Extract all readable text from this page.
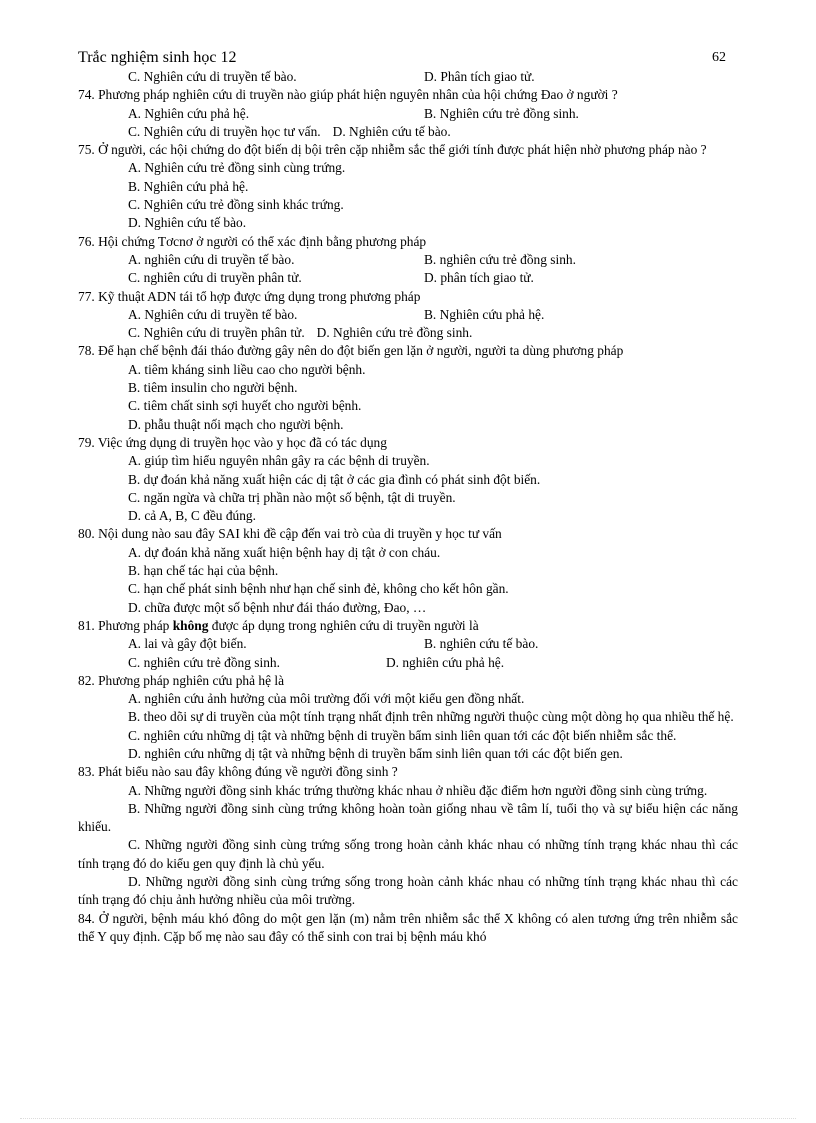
Trắc nghiệm sinh học 12	62
C. Nghiên cứu di truyền tế bào.	D. Phân tích giao tử.
74. Phương pháp nghiên cứu di truyền nào giúp phát hiện nguyên nhân của hội chứng Đao ở người ?
A. Nghiên cứu phả hệ.	B. Nghiên cứu trẻ đồng sinh.
C. Nghiên cứu di truyền học tư vấn. D. Nghiên cứu tế bào.
75. Ở người, các hội chứng do đột biến dị bội trên cặp nhiễm sắc thể giới tính được phát hiện nhờ phương pháp nào ?
A. Nghiên cứu trẻ đồng sinh cùng trứng.
B. Nghiên cứu phả hệ.
C. Nghiên cứu trẻ đồng sinh khác trứng.
D. Nghiên cứu tế bào.
76. Hội chứng Tơcnơ ở người có thể xác định bằng phương pháp
A. nghiên cứu di truyền tế bào.	B. nghiên cứu trẻ đồng sinh.
C. nghiên cứu di truyền phân tử.	D. phân tích giao tử.
77. Kỹ thuật ADN tái tổ hợp được ứng dụng trong phương pháp
A. Nghiên cứu di truyền tế bào.	B. Nghiên cứu phả hệ.
C. Nghiên cứu di truyền phân tử. D. Nghiên cứu trẻ đồng sinh.
78. Để hạn chế bệnh đái tháo đường gây nên do đột biến gen lặn ở người, người ta dùng phương pháp
A. tiêm kháng sinh liều cao cho người bệnh.
B. tiêm insulin cho người bệnh.
C. tiêm chất sinh sợi huyết cho người bệnh.
D. phẫu thuật nối mạch cho người bệnh.
79. Việc ứng dụng di truyền học vào y học đã có tác dụng
A. giúp tìm hiểu nguyên nhân gây ra các bệnh di truyền.
B. dự đoán khả năng xuất hiện các dị tật ở các gia đình có phát sinh đột biến.
C. ngăn ngừa và chữa trị phần nào một số bệnh, tật di truyền.
D. cả A, B, C đều đúng.
80. Nội dung nào sau đây SAI khi đề cập đến vai trò của di truyền y học tư vấn
A. dự đoán khả năng xuất hiện bệnh hay dị tật ở con cháu.
B. hạn chế tác hại của bệnh.
C. hạn chế phát sinh bệnh như hạn chế sinh đẻ, không cho kết hôn gần.
D. chữa được một số bệnh như đái tháo đường, Đao, …
81. Phương pháp không được áp dụng trong nghiên cứu di truyền người là
A. lai và gây đột biến.	B. nghiên cứu tế bào.
C. nghiên cứu trẻ đồng sinh.	D. nghiên cứu phả hệ.
82. Phương pháp nghiên cứu phả hệ là
A. nghiên cứu ảnh hưởng của môi trường đối với một kiểu gen đồng nhất.
B. theo dõi sự di truyền của một tính trạng nhất định trên những người thuộc cùng một dòng họ qua nhiều thế hệ.
C. nghiên cứu những dị tật và những bệnh di truyền bẩm sinh liên quan tới các đột biến nhiễm sắc thể.
D. nghiên cứu những dị tật và những bệnh di truyền bẩm sinh liên quan tới các đột biến gen.
83. Phát biểu nào sau đây không đúng về người đồng sinh ?
A. Những người đồng sinh khác trứng thường khác nhau ở nhiều đặc điểm hơn người đồng sinh cùng trứng.
B. Những người đồng sinh cùng trứng không hoàn toàn giống nhau về tâm lí, tuổi thọ và sự biểu hiện các năng khiếu.
C. Những người đồng sinh cùng trứng sống trong hoàn cảnh khác nhau có những tính trạng khác nhau thì các tính trạng đó do kiểu gen quy định là chủ yếu.
D. Những người đồng sinh cùng trứng sống trong hoàn cảnh khác nhau có những tính trạng khác nhau thì các tính trạng đó chịu ảnh hưởng nhiều của môi trường.
84. Ở người, bệnh máu khó đông do một gen lặn (m) nằm trên nhiễm sắc thể X không có alen tương ứng trên nhiễm sắc thể Y quy định. Cặp bố mẹ nào sau đây có thể sinh con trai bị bệnh máu khó
